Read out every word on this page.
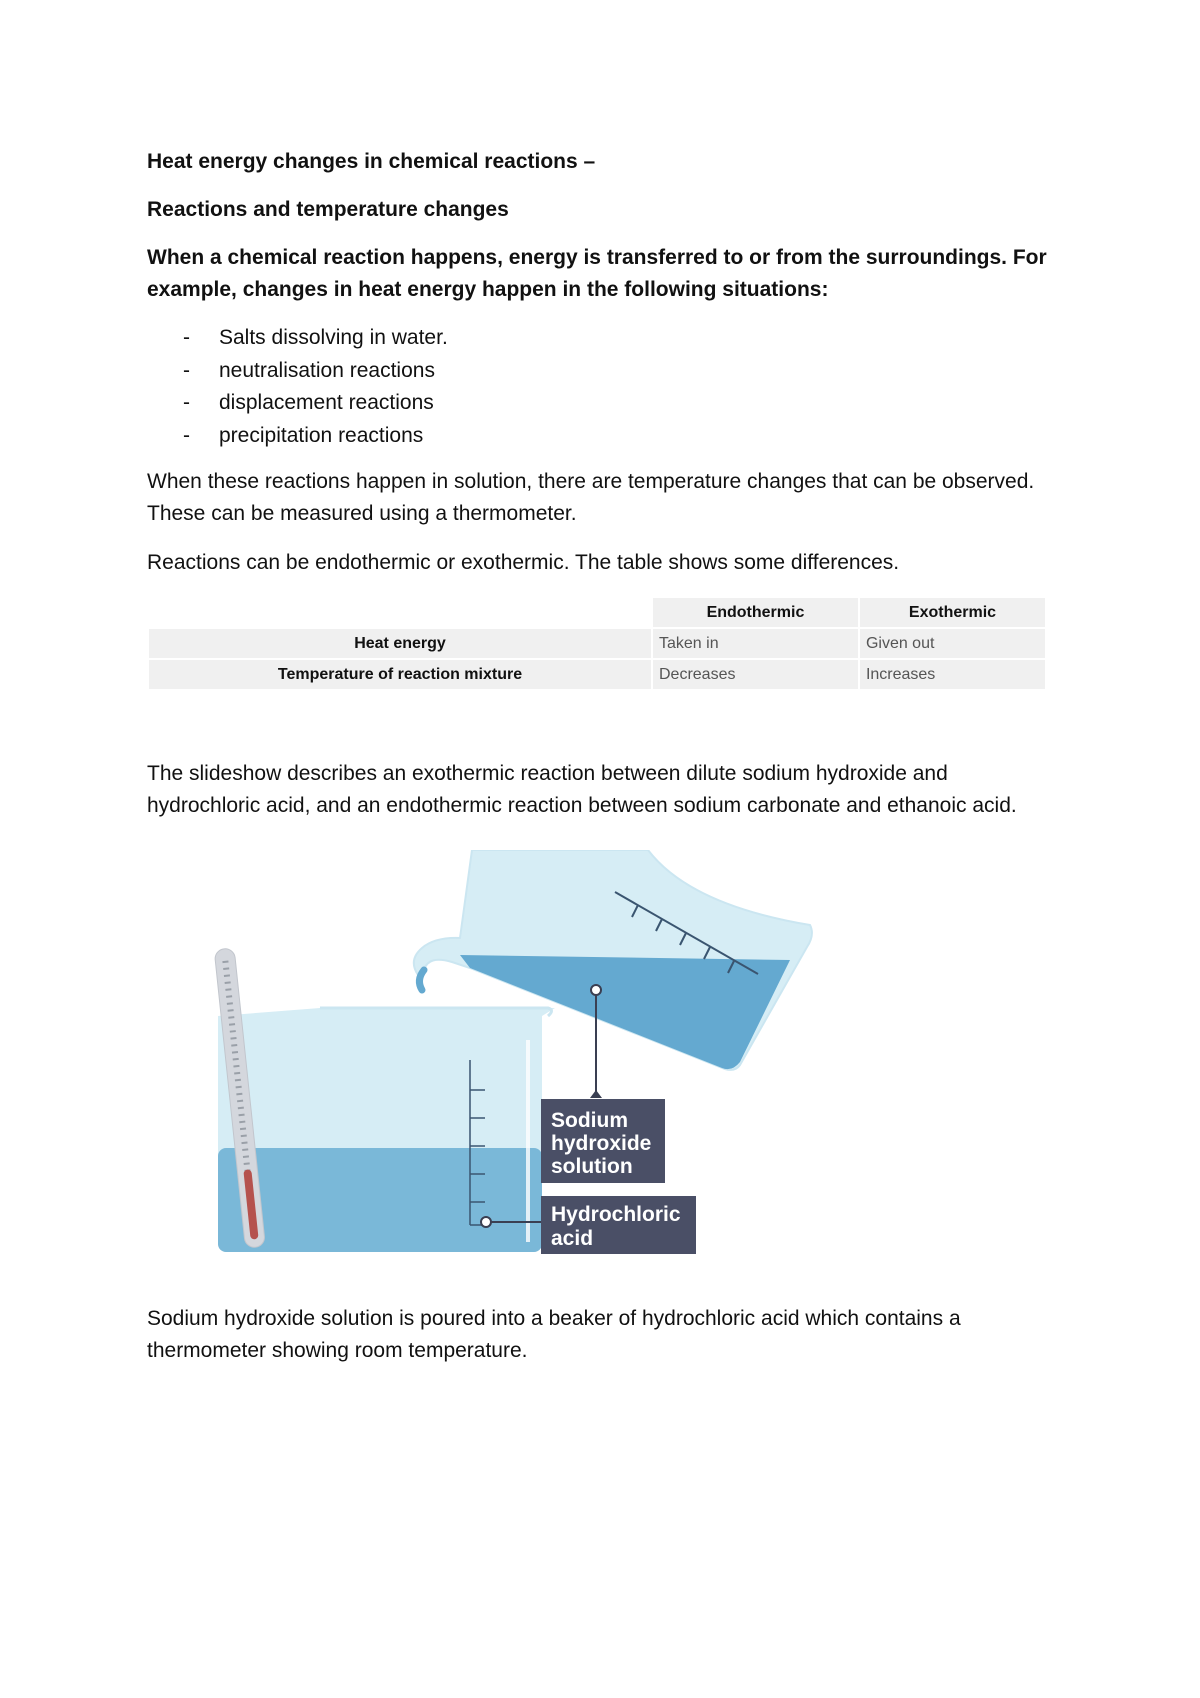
Heat energy changes in chemical reactions –

Reactions and temperature changes

When a chemical reaction happens, energy is transferred to or from the surroundings. For example, changes in heat energy happen in the following situations:

- Salts dissolving in water.
- neutralisation reactions
- displacement reactions
- precipitation reactions

When these reactions happen in solution, there are temperature changes that can be observed. These can be measured using a thermometer.

Reactions can be endothermic or exothermic. The table shows some differences.

	Endothermic	Exothermic
Heat energy	Taken in	Given out
Temperature of reaction mixture	Decreases	Increases

The slideshow describes an exothermic reaction between dilute sodium hydroxide and hydrochloric acid, and an endothermic reaction between sodium carbonate and ethanoic acid.

Sodium hydroxide solution is poured into a beaker of hydrochloric acid which contains a thermometer showing room temperature.

Sodium
hydroxide
solution
Hydrochloric
acid
